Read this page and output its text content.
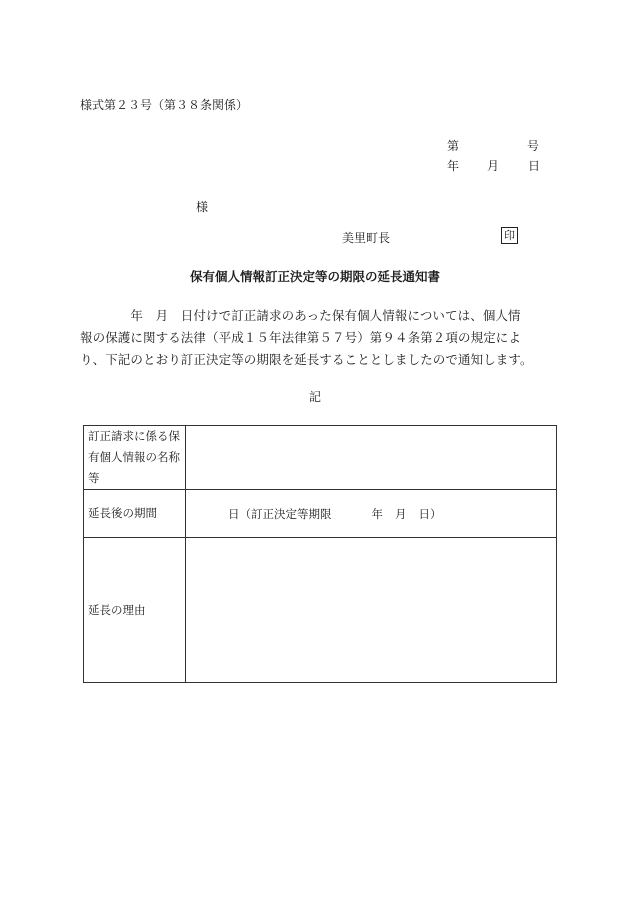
様式第２３号（第３８条関係）
第	号
年 月 日
様
美里町長	印
保有個人情報訂正決定等の期限の延長通知書
　　　　年　月　日付けで訂正請求のあった保有個人情報については、個人情
報の保護に関する法律（平成１５年法律第５７号）第９４条第２項の規定によ
り、下記のとおり訂正決定等の期限を延長することとしましたので通知します。
記
訂正請求に係る保有個人情報の名称等	
延長後の期間	日（訂正決定等期限 年 月 日）

延長の理由	
